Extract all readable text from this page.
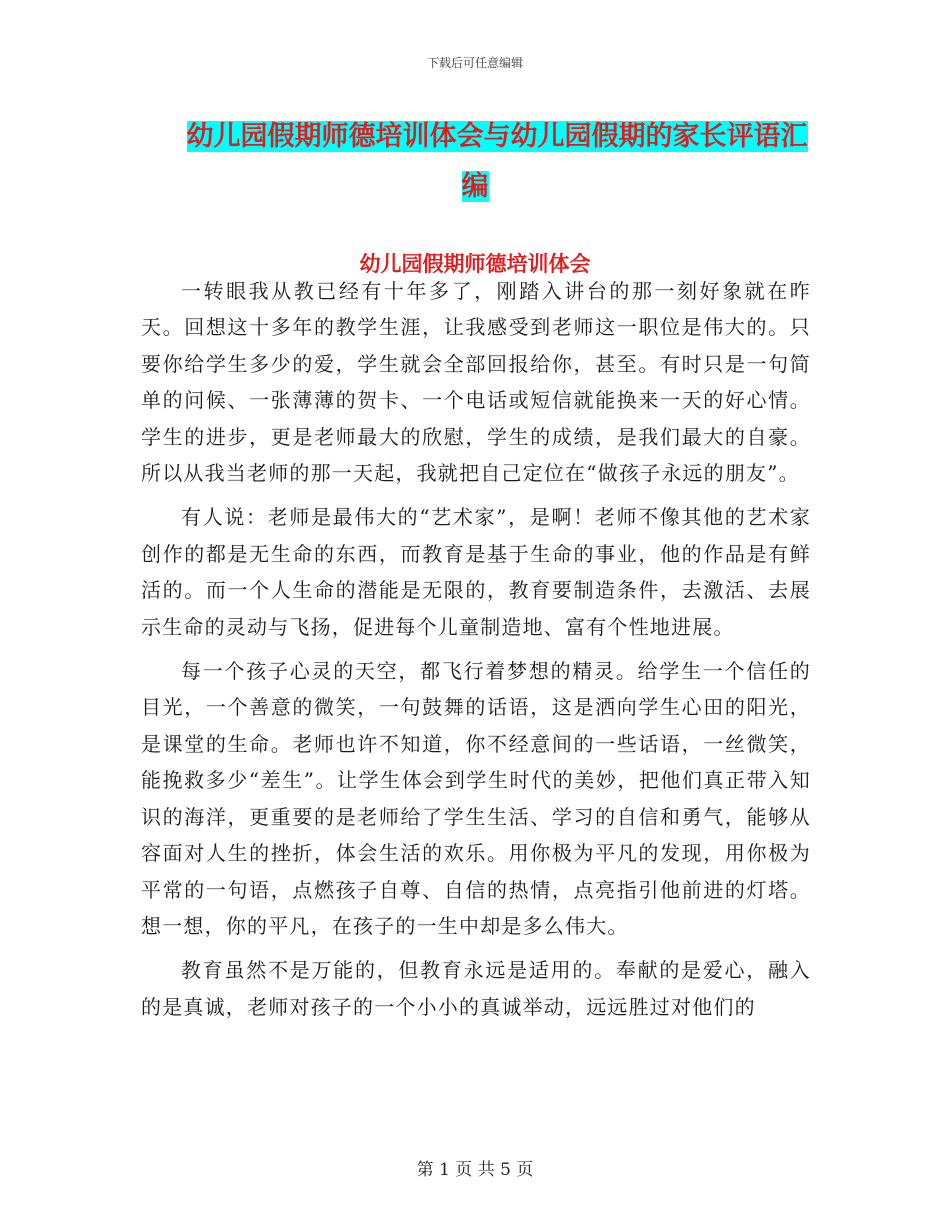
下载后可任意编辑
幼儿园假期师德培训体会与幼儿园假期的家长评语汇
编
幼儿园假期师德培训体会

一转眼我从教已经有十年多了，刚踏入讲台的那一刻好象就在昨天。回想这十多年的教学生涯，让我感受到老师这一职位是伟大的。只要你给学生多少的爱，学生就会全部回报给你，甚至。有时只是一句简单的问候、一张薄薄的贺卡、一个电话或短信就能换来一天的好心情。学生的进步，更是老师最大的欣慰，学生的成绩，是我们最大的自豪。所以从我当老师的那一天起，我就把自己定位在“做孩子永远的朋友”。

有人说：老师是最伟大的“艺术家”，是啊！老师不像其他的艺术家创作的都是无生命的东西，而教育是基于生命的事业，他的作品是有鲜活的。而一个人生命的潜能是无限的，教育要制造条件，去激活、去展示生命的灵动与飞扬，促进每个儿童制造地、富有个性地进展。

每一个孩子心灵的天空，都飞行着梦想的精灵。给学生一个信任的目光，一个善意的微笑，一句鼓舞的话语，这是洒向学生心田的阳光，是课堂的生命。老师也许不知道，你不经意间的一些话语，一丝微笑，能挽救多少“差生”。让学生体会到学生时代的美妙，把他们真正带入知识的海洋，更重要的是老师给了学生生活、学习的自信和勇气，能够从容面对人生的挫折，体会生活的欢乐。用你极为平凡的发现，用你极为平常的一句语，点燃孩子自尊、自信的热情，点亮指引他前进的灯塔。想一想，你的平凡，在孩子的一生中却是多么伟大。

教育虽然不是万能的，但教育永远是适用的。奉献的是爱心，融入的是真诚，老师对孩子的一个小小的真诚举动，远远胜过对他们的

第 1 页 共 5 页
